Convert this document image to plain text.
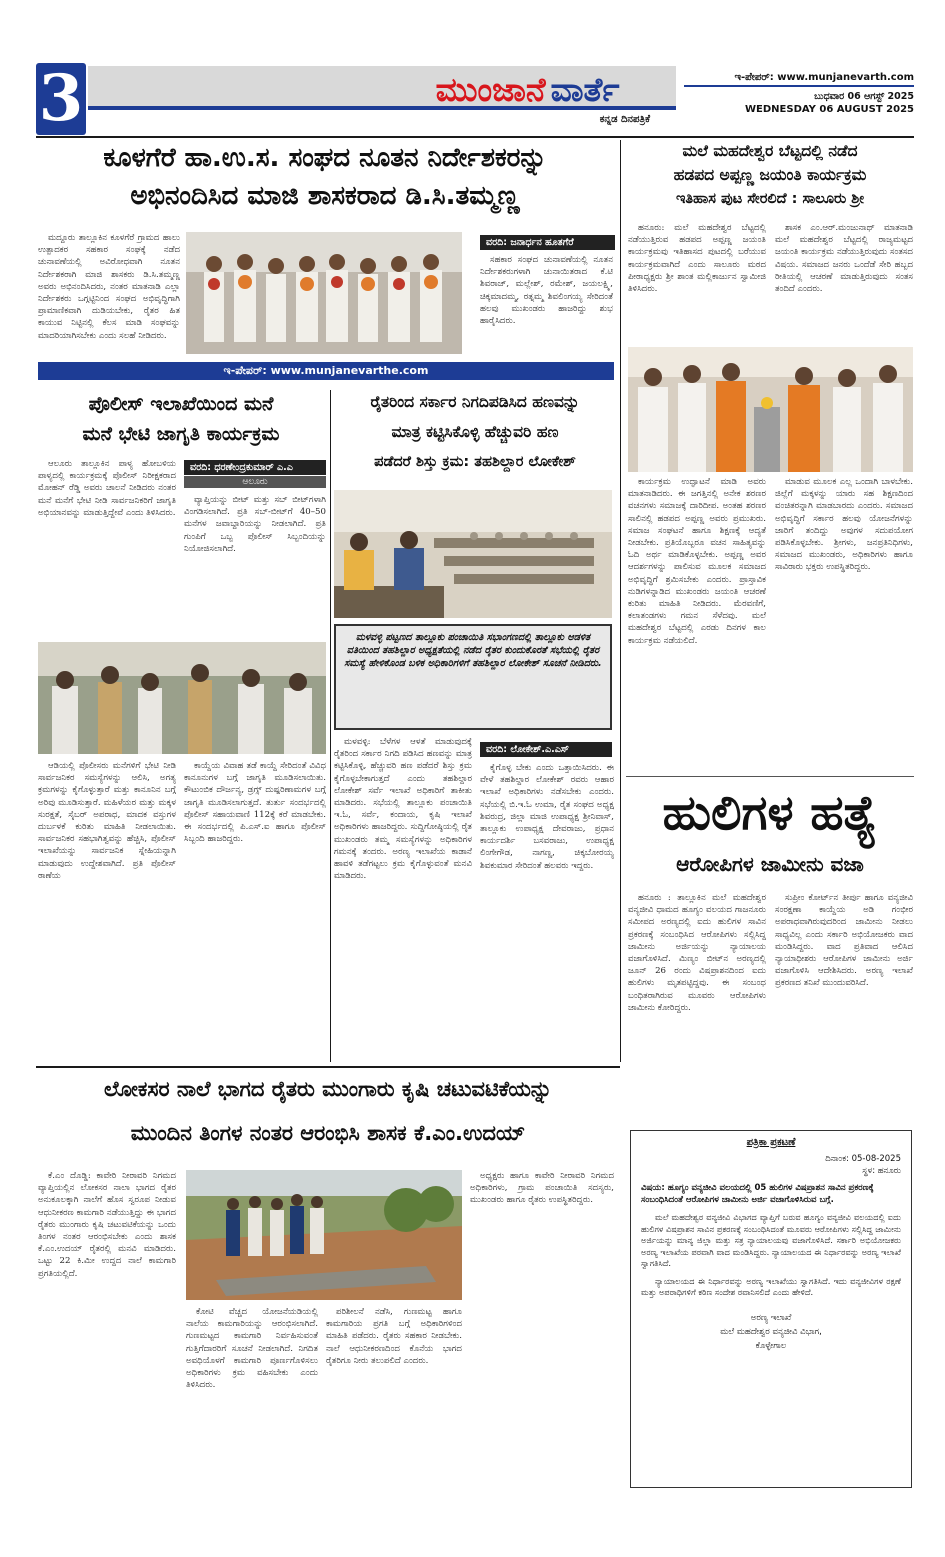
3	ಮುಂಜಾನೆ ವಾರ್ತೆ
ಕನ್ನಡ ದಿನಪತ್ರಿಕೆ
ಇ-ಪೇಪರ್: www.munjanevarth.com
ಬುಧವಾರ 06 ಆಗಸ್ಟ್ 2025
WEDNESDAY 06 AUGUST 2025
ಕೂಳಗೆರೆ ಹಾ.ಉ.ಸ. ಸಂಘದ ನೂತನ ನಿರ್ದೇಶಕರನ್ನು
ಅಭಿನಂದಿಸಿದ ಮಾಜಿ ಶಾಸಕರಾದ ಡಿ.ಸಿ.ತಮ್ಮಣ್ಣ

ಮದ್ದೂರು ತಾಲ್ಲೂಕಿನ ಕೂಳಗೆರೆ ಗ್ರಾಮದ ಹಾಲು ಉತ್ಪಾದಕರ ಸಹಕಾರ ಸಂಘಕ್ಕೆ ನಡೆದ ಚುನಾವಣೆಯಲ್ಲಿ ಅವಿರೋಧವಾಗಿ ನೂತನ ನಿರ್ದೇಶಕರಾಗಿ ಮಾಜಿ ಶಾಸಕರು ಡಿ.ಸಿ.ತಮ್ಮಣ್ಣ ಅವರು ಅಭಿನಂದಿಸಿದರು, ನಂತರ ಮಾತನಾಡಿ ಎಲ್ಲಾ ನಿರ್ದೇಶಕರು ಒಗ್ಗಟ್ಟಿನಿಂದ ಸಂಘದ ಅಭಿವೃದ್ಧಿಗಾಗಿ ಪ್ರಾಮಾಣಿಕವಾಗಿ ದುಡಿಯಬೇಕು, ರೈತರ ಹಿತ ಕಾಯುವ ನಿಟ್ಟಿನಲ್ಲಿ ಕೆಲಸ ಮಾಡಿ ಸಂಘವನ್ನು ಮಾದರಿಯಾಗಿಸಬೇಕು ಎಂದು ಸಲಹೆ ನೀಡಿದರು.

ವರದಿ: ಜನಾರ್ಧನ ಹೂತಗೆರೆ

ಸಹಕಾರ ಸಂಘದ ಚುನಾವಣೆಯಲ್ಲಿ ನೂತನ ನಿರ್ದೇಶಕರುಗಳಾಗಿ ಚುನಾಯಿತರಾದ ಕೆ.ಟಿ ಶಿವರಾಜ್, ಮಲ್ಲೇಶ್, ರಮೇಶ್, ಜಯಲಕ್ಷ್ಮಿ, ಚಿಕ್ಕಮಾದಮ್ಮ, ರತ್ನಮ್ಮ ಶಿವಲಿಂಗಯ್ಯ ಸೇರಿದಂತೆ ಹಲವು ಮುಖಂಡರು ಹಾಜರಿದ್ದು ಶುಭ ಹಾರೈಸಿದರು.

ಇ-ಪೇಪರ್: www.munjanevarthe.com
ಮಲೆ ಮಹದೇಶ್ವರ ಬೆಟ್ಟದಲ್ಲಿ ನಡೆದ
ಹಡಪದ ಅಪ್ಪಣ್ಣ ಜಯಂತಿ ಕಾರ್ಯಕ್ರಮ
ಇತಿಹಾಸ ಪುಟ ಸೇರಲಿದೆ : ಸಾಲೂರು ಶ್ರೀ

ಹನೂರು: ಮಲೆ ಮಹದೇಶ್ವರ ಬೆಟ್ಟದಲ್ಲಿ ನಡೆಯುತ್ತಿರುವ ಹಡಪದ ಅಪ್ಪಣ್ಣ ಜಯಂತಿ ಕಾರ್ಯಕ್ರಮವು ಇತಿಹಾಸದ ಪುಟದಲ್ಲಿ ಬರೆಯುವ ಕಾರ್ಯಕ್ರಮವಾಗಿದೆ ಎಂದು ಸಾಲೂರು ಮಠದ ಪೀಠಾಧ್ಯಕ್ಷರು ಶ್ರೀ ಶಾಂತ ಮಲ್ಲಿಕಾರ್ಜುನ ಸ್ವಾಮೀಜಿ ತಿಳಿಸಿದರು.

ಶಾಸಕ ಎಂ.ಆರ್.ಮಂಜುನಾಥ್ ಮಾತನಾಡಿ ಮಲೆ ಮಹದೇಶ್ವರ ಬೆಟ್ಟದಲ್ಲಿ ರಾಜ್ಯಮಟ್ಟದ ಜಯಂತಿ ಕಾರ್ಯಕ್ರಮ ನಡೆಯುತ್ತಿರುವುದು ಸಂತಸದ ವಿಷಯ. ಸಮಾಜದ ಜನರು ಒಂದೆಡೆ ಸೇರಿ ಹಬ್ಬದ ರೀತಿಯಲ್ಲಿ ಆಚರಣೆ ಮಾಡುತ್ತಿರುವುದು ಸಂತಸ ತಂದಿದೆ ಎಂದರು.

ಕಾರ್ಯಕ್ರಮ ಉದ್ಘಾಟನೆ ಮಾಡಿ ಅವರು ಮಾತನಾಡಿದರು. ಈ ಜಗತ್ತಿನಲ್ಲಿ ಅನೇಕ ಶರಣರ ವಚನಗಳು ಸಮಾಜಕ್ಕೆ ದಾರಿದೀಪ. ಅಂತಹ ಶರಣರ ಸಾಲಿನಲ್ಲಿ ಹಡಪದ ಅಪ್ಪಣ್ಣ ಅವರು ಪ್ರಮುಖರು. ಸಮಾಜ ಸಂಘಟನೆ ಹಾಗೂ ಶಿಕ್ಷಣಕ್ಕೆ ಆದ್ಯತೆ ನೀಡಬೇಕು. ಪ್ರತಿಯೊಬ್ಬರೂ ವಚನ ಸಾಹಿತ್ಯವನ್ನು ಓದಿ ಅರ್ಥ ಮಾಡಿಕೊಳ್ಳಬೇಕು. ಅಪ್ಪಣ್ಣ ಅವರ ಆದರ್ಶಗಳನ್ನು ಪಾಲಿಸುವ ಮೂಲಕ ಸಮಾಜದ ಅಭಿವೃದ್ಧಿಗೆ ಶ್ರಮಿಸಬೇಕು ಎಂದರು. ಪ್ರಾಸ್ತಾವಿಕ ನುಡಿಗಳನ್ನಾಡಿದ ಮುಖಂಡರು ಜಯಂತಿ ಆಚರಣೆ ಕುರಿತು ಮಾಹಿತಿ ನೀಡಿದರು. ಮೆರವಣಿಗೆ, ಕಲಾತಂಡಗಳು ಗಮನ ಸೆಳೆದವು. ಮಲೆ ಮಹದೇಶ್ವರ ಬೆಟ್ಟದಲ್ಲಿ ಎರಡು ದಿನಗಳ ಕಾಲ ಕಾರ್ಯಕ್ರಮ ನಡೆಯಲಿದೆ.

ಮಾಡುವ ಮೂಲಕ ಎಲ್ಲ ಒಂದಾಗಿ ಬಾಳಬೇಕು. ಜಿಲ್ಲೆಗೆ ಮಕ್ಕಳನ್ನು ಯಾರು ಸಹ ಶಿಕ್ಷಣದಿಂದ ವಂಚಿತರನ್ನಾಗಿ ಮಾಡಬಾರದು ಎಂದರು. ಸಮಾಜದ ಅಭಿವೃದ್ಧಿಗೆ ಸರ್ಕಾರ ಹಲವು ಯೋಜನೆಗಳನ್ನು ಜಾರಿಗೆ ತಂದಿದ್ದು ಅವುಗಳ ಸದುಪಯೋಗ ಪಡಿಸಿಕೊಳ್ಳಬೇಕು. ಶ್ರೀಗಳು, ಜನಪ್ರತಿನಿಧಿಗಳು, ಸಮಾಜದ ಮುಖಂಡರು, ಅಧಿಕಾರಿಗಳು ಹಾಗೂ ಸಾವಿರಾರು ಭಕ್ತರು ಉಪಸ್ಥಿತರಿದ್ದರು.

ಹುಲಿಗಳ ಹತ್ಯೆ
ಆರೋಪಿಗಳ ಜಾಮೀನು ವಜಾ

ಹನೂರು : ತಾಲ್ಲೂಕಿನ ಮಲೆ ಮಹದೇಶ್ವರ ವನ್ಯಜೀವಿ ಧಾಮದ ಹೂಗ್ಯಂ ವಲಯದ ಗಾಜನೂರು ಸಮೀಪದ ಅರಣ್ಯದಲ್ಲಿ ಐದು ಹುಲಿಗಳ ಸಾವಿನ ಪ್ರಕರಣಕ್ಕೆ ಸಂಬಂಧಿಸಿದ ಆರೋಪಿಗಳು ಸಲ್ಲಿಸಿದ್ದ ಜಾಮೀನು ಅರ್ಜಿಯನ್ನು ನ್ಯಾಯಾಲಯ ವಜಾಗೊಳಿಸಿದೆ. ಮಿಣ್ಯಂ ಬೀಟ್‌ನ ಅರಣ್ಯದಲ್ಲಿ ಜೂನ್ 26 ರಂದು ವಿಷಪ್ರಾಶನದಿಂದ ಐದು ಹುಲಿಗಳು ಮೃತಪಟ್ಟಿದ್ದವು. ಈ ಸಂಬಂಧ ಬಂಧಿತರಾಗಿರುವ ಮೂವರು ಆರೋಪಿಗಳು ಜಾಮೀನು ಕೋರಿದ್ದರು.

ಸುಪ್ರೀಂ ಕೋರ್ಟ್‌ನ ತೀರ್ಪು ಹಾಗೂ ವನ್ಯಜೀವಿ ಸಂರಕ್ಷಣಾ ಕಾಯ್ದೆಯ ಅಡಿ ಗಂಭೀರ ಅಪರಾಧವಾಗಿರುವುದರಿಂದ ಜಾಮೀನು ನೀಡಲು ಸಾಧ್ಯವಿಲ್ಲ ಎಂದು ಸರ್ಕಾರಿ ಅಭಿಯೋಜಕರು ವಾದ ಮಂಡಿಸಿದ್ದರು. ವಾದ ಪ್ರತಿವಾದ ಆಲಿಸಿದ ನ್ಯಾಯಾಧೀಶರು ಆರೋಪಿಗಳ ಜಾಮೀನು ಅರ್ಜಿ ವಜಾಗೊಳಿಸಿ ಆದೇಶಿಸಿದರು. ಅರಣ್ಯ ಇಲಾಖೆ ಪ್ರಕರಣದ ತನಿಖೆ ಮುಂದುವರಿಸಿದೆ.

ಪೊಲೀಸ್ ಇಲಾಖೆಯಿಂದ ಮನೆ
ಮನೆ ಭೇಟಿ ಜಾಗೃತಿ ಕಾರ್ಯಕ್ರಮ

ಆಲೂರು ತಾಲ್ಲೂಕಿನ ಪಾಳ್ಯ ಹೋಬಳಿಯ ಪಾಳ್ಯದಲ್ಲಿ ಕಾರ್ಯಕ್ರಮಕ್ಕೆ ಪೊಲೀಸ್ ನಿರೀಕ್ಷಕರಾದ ಮೋಹನ್ ರೆಡ್ಡಿ ಅವರು ಚಾಲನೆ ನೀಡಿದರು ನಂತರ ಮನೆ ಮನೆಗೆ ಭೇಟಿ ನೀಡಿ ಸಾರ್ವಜನಿಕರಿಗೆ ಜಾಗೃತಿ ಅಭಿಯಾನವನ್ನು ಮಾಡುತ್ತಿದ್ದೇವೆ ಎಂದು ತಿಳಿಸಿದರು.

ವರದಿ: ಧರಣೇಂದ್ರಕುಮಾರ್ ಎ.ಎ
ಆಲೂರು

ವ್ಯಾಪ್ತಿಯನ್ನು ಬೀಟ್ ಮತ್ತು ಸಬ್ ಬೀಟ್‌ಗಳಾಗಿ ವಿಂಗಡಿಸಲಾಗಿದೆ. ಪ್ರತಿ ಸಬ್-ಬೀಟ್‌ಗೆ 40–50 ಮನೆಗಳ ಜವಾಬ್ದಾರಿಯನ್ನು ನೀಡಲಾಗಿದೆ. ಪ್ರತಿ ಗುಂಪಿಗೆ ಒಬ್ಬ ಪೊಲೀಸ್ ಸಿಬ್ಬಂದಿಯನ್ನು ನಿಯೋಜಿಸಲಾಗಿದೆ.

ಆಡಿಯಲ್ಲಿ ಪೊಲೀಸರು ಮನೆಗಳಿಗೆ ಭೇಟಿ ನೀಡಿ ಸಾರ್ವಜನಿಕರ ಸಮಸ್ಯೆಗಳನ್ನು ಆಲಿಸಿ, ಅಗತ್ಯ ಕ್ರಮಗಳನ್ನು ಕೈಗೊಳ್ಳುತ್ತಾರೆ ಮತ್ತು ಕಾನೂನಿನ ಬಗ್ಗೆ ಅರಿವು ಮೂಡಿಸುತ್ತಾರೆ. ಮಹಿಳೆಯರ ಮತ್ತು ಮಕ್ಕಳ ಸುರಕ್ಷತೆ, ಸೈಬರ್ ಅಪರಾಧ, ಮಾದಕ ವಸ್ತುಗಳ ದುರ್ಬಳಕೆ ಕುರಿತು ಮಾಹಿತಿ ನೀಡಲಾಯಿತು. ಸಾರ್ವಜನಿಕರ ಸಹಭಾಗಿತ್ವವನ್ನು ಹೆಚ್ಚಿಸಿ, ಪೊಲೀಸ್ ಇಲಾಖೆಯನ್ನು ಸಾರ್ವಜನಿಕ ಸ್ನೇಹಿಯನ್ನಾಗಿ ಮಾಡುವುದು ಉದ್ದೇಶವಾಗಿದೆ. ಪ್ರತಿ ಪೊಲೀಸ್ ಠಾಣೆಯ

ಕಾಯ್ದೆಯ ವಿವಾಹ ತಡೆ ಕಾಯ್ದೆ ಸೇರಿದಂತೆ ವಿವಿಧ ಕಾನೂನುಗಳ ಬಗ್ಗೆ ಜಾಗೃತಿ ಮೂಡಿಸಲಾಯಿತು. ಕೌಟುಂಬಿಕ ದೌರ್ಜನ್ಯ, ಡ್ರಗ್ಸ್ ದುಷ್ಪರಿಣಾಮಗಳ ಬಗ್ಗೆ ಜಾಗೃತಿ ಮೂಡಿಸಲಾಗುತ್ತದೆ. ತುರ್ತು ಸಂದರ್ಭದಲ್ಲಿ ಪೊಲೀಸ್ ಸಹಾಯವಾಣಿ 112ಕ್ಕೆ ಕರೆ ಮಾಡಬೇಕು. ಈ ಸಂದರ್ಭದಲ್ಲಿ ಪಿ.ಎಸ್.ಐ ಹಾಗೂ ಪೊಲೀಸ್ ಸಿಬ್ಬಂದಿ ಹಾಜರಿದ್ದರು.

ರೈತರಿಂದ ಸರ್ಕಾರ ನಿಗದಿಪಡಿಸಿದ ಹಣವನ್ನು
ಮಾತ್ರ ಕಟ್ಟಿಸಿಕೊಳ್ಳಿ ಹೆಚ್ಚುವರಿ ಹಣ
ಪಡೆದರೆ ಶಿಸ್ತು ಕ್ರಮ: ತಹಶಿಲ್ದಾರ ಲೋಕೇಶ್
ಮಳವಳ್ಳಿ ಪಟ್ಟಣದ ತಾಲ್ಲೂಕು ಪಂಚಾಯಿತಿ ಸಭಾಂಗಣದಲ್ಲಿ ತಾಲ್ಲೂಕು ಆಡಳಿತ ವತಿಯಿಂದ ತಹಶಿಲ್ದಾರ ಅಧ್ಯಕ್ಷತೆಯಲ್ಲಿ ನಡೆದ ರೈತರ ಕುಂದುಕೊರತೆ ಸಭೆಯಲ್ಲಿ ರೈತರ ಸಮಸ್ಯೆ ಹೇಳಿಕೊಂಡ ಬಳಿಕ ಅಧಿಕಾರಿಗಳಿಗೆ ತಹಶಿಲ್ದಾರ ಲೋಕೇಶ್ ಸೂಚನೆ ನೀಡಿದರು.

ಮಳವಳ್ಳಿ: ಬೆಳೆಗಳ ಆಳತೆ ಮಾಡುವುದಕ್ಕೆ ರೈತರಿಂದ ಸರ್ಕಾರ ನಿಗದಿ ಪಡಿಸಿದ ಹಣವನ್ನು ಮಾತ್ರ ಕಟ್ಟಿಸಿಕೊಳ್ಳಿ, ಹೆಚ್ಚುವರಿ ಹಣ ಪಡೆದರೆ ಶಿಸ್ತು ಕ್ರಮ ಕೈಗೊಳ್ಳಬೇಕಾಗುತ್ತದೆ ಎಂದು ತಹಶಿಲ್ದಾರ ಲೋಕೇಶ್ ಸರ್ವೆ ಇಲಾಖೆ ಅಧಿಕಾರಿಗೆ ತಾಕೀತು ಮಾಡಿದರು. ಸಭೆಯಲ್ಲಿ ತಾಲ್ಲೂಕು ಪಂಚಾಯಿತಿ ಇ.ಓ, ಸರ್ವೆ, ಕಂದಾಯ, ಕೃಷಿ ಇಲಾಖೆ ಅಧಿಕಾರಿಗಳು ಹಾಜರಿದ್ದರು. ಸುದ್ದಿಗೋಷ್ಠಿಯಲ್ಲಿ ರೈತ ಮುಖಂಡರು ತಮ್ಮ ಸಮಸ್ಯೆಗಳನ್ನು ಅಧಿಕಾರಿಗಳ ಗಮನಕ್ಕೆ ತಂದರು. ಅರಣ್ಯ ಇಲಾಖೆಯ ಕಾಡಾನೆ ಹಾವಳಿ ತಡೆಗಟ್ಟಲು ಕ್ರಮ ಕೈಗೊಳ್ಳುವಂತೆ ಮನವಿ ಮಾಡಿದರು.

ವರದಿ: ಲೋಕೇಶ್.ಎ.ಎಸ್

ಕೈಗೊಳ್ಳ ಬೇಕು ಎಂದು ಒತ್ತಾಯಿಸಿದರು. ಈ ವೇಳೆ ತಹಶಿಲ್ದಾರ ಲೋಕೇಶ್ ರವರು ಆಹಾರ ಇಲಾಖೆ ಅಧಿಕಾರಿಗಳು ನಡೆಸಬೇಕು ಎಂದರು. ಸಭೆಯಲ್ಲಿ ಬಿ.ಇ.ಓ ಉಮಾ, ರೈತ ಸಂಘದ ಅಧ್ಯಕ್ಷ ಶಿವರುದ್ರ, ಜಿಲ್ಲಾ ಮಾಜಿ ಉಪಾಧ್ಯಕ್ಷ ಶ್ರೀನಿವಾಸ್, ತಾಲ್ಲೂಕು ಉಪಾಧ್ಯಕ್ಷ ದೇವರಾಜು, ಪ್ರಧಾನ ಕಾರ್ಯದರ್ಶಿ ಬಸವರಾಜು, ಉಪಾಧ್ಯಕ್ಷ ಲಿಂಗೇಗೌಡ, ನಾಗಣ್ಣ, ಚಿಕ್ಕಬೋರಯ್ಯ ಶಿವಕುಮಾರ ಸೇರಿದಂತೆ ಹಲವರು ಇದ್ದರು.

ಲೋಕಸರ ನಾಲೆ ಭಾಗದ ರೈತರು ಮುಂಗಾರು ಕೃಷಿ ಚಟುವಟಿಕೆಯನ್ನು
ಮುಂದಿನ ತಿಂಗಳ ನಂತರ ಆರಂಭಿಸಿ ಶಾಸಕ ಕೆ.ಎಂ.ಉದಯ್

ಕೆ.ಎಂ ದೊಡ್ಡಿ: ಕಾವೇರಿ ನೀರಾವರಿ ನಿಗಮದ ವ್ಯಾಪ್ತಿಯಲ್ಲಿನ ಲೋಕಸರ ನಾಲಾ ಭಾಗದ ರೈತರ ಅನುಕೂಲಕ್ಕಾಗಿ ನಾಲೆಗೆ ಹೊಸ ಸ್ವರೂಪ ನೀಡುವ ಆಧುನೀಕರಣ ಕಾಮಗಾರಿ ನಡೆಯುತ್ತಿದ್ದು ಈ ಭಾಗದ ರೈತರು ಮುಂಗಾರು ಕೃಷಿ ಚಟುವಟಿಕೆಯನ್ನು ಒಂದು ತಿಂಗಳ ನಂತರ ಆರಂಭಿಸಬೇಕು ಎಂದು ಶಾಸಕ ಕೆ.ಎಂ.ಉದಯ್ ರೈತರಲ್ಲಿ ಮನವಿ ಮಾಡಿದರು. ಒಟ್ಟು 22 ಕಿ.ಮೀ ಉದ್ದದ ನಾಲೆ ಕಾಮಗಾರಿ ಪ್ರಗತಿಯಲ್ಲಿದೆ.

ಕೋಟಿ ವೆಚ್ಚದ ಯೋಜನೆಯಡಿಯಲ್ಲಿ ನಾಲೆಯ ಕಾಮಗಾರಿಯನ್ನು ಆರಂಭಿಸಲಾಗಿದೆ. ಗುಣಮಟ್ಟದ ಕಾಮಗಾರಿ ನಿರ್ವಹಿಸುವಂತೆ ಗುತ್ತಿಗೆದಾರರಿಗೆ ಸೂಚನೆ ನೀಡಲಾಗಿದೆ. ನಿಗದಿತ ಅವಧಿಯೊಳಗೆ ಕಾಮಗಾರಿ ಪೂರ್ಣಗೊಳಿಸಲು ಅಧಿಕಾರಿಗಳು ಕ್ರಮ ವಹಿಸಬೇಕು ಎಂದು ತಿಳಿಸಿದರು.

ಪರಿಶೀಲನೆ ನಡೆಸಿ, ಗುಣಮಟ್ಟ ಹಾಗೂ ಕಾಮಗಾರಿಯ ಪ್ರಗತಿ ಬಗ್ಗೆ ಅಧಿಕಾರಿಗಳಿಂದ ಮಾಹಿತಿ ಪಡೆದರು. ರೈತರು ಸಹಕಾರ ನೀಡಬೇಕು. ನಾಲೆ ಆಧುನೀಕರಣದಿಂದ ಕೊನೆಯ ಭಾಗದ ರೈತರಿಗೂ ನೀರು ತಲುಪಲಿದೆ ಎಂದರು.

ಅಧ್ಯಕ್ಷರು ಹಾಗೂ ಕಾವೇರಿ ನೀರಾವರಿ ನಿಗಮದ ಅಧಿಕಾರಿಗಳು, ಗ್ರಾಮ ಪಂಚಾಯಿತಿ ಸದಸ್ಯರು, ಮುಖಂಡರು ಹಾಗೂ ರೈತರು ಉಪಸ್ಥಿತರಿದ್ದರು.

ಪತ್ರಿಕಾ ಪ್ರಕಟಣೆ
ದಿನಾಂಕ: 05-08-2025
ಸ್ಥಳ: ಹನೂರು
ವಿಷಯ: ಹೂಗ್ಯಂ ವನ್ಯಜೀವಿ ವಲಯದಲ್ಲಿ 05 ಹುಲಿಗಳ ವಿಷಪ್ರಾಶನ ಸಾವಿನ ಪ್ರಕರಣಕ್ಕೆ ಸಂಬಂಧಿಸಿದಂತೆ ಆರೋಪಿಗಳ ಜಾಮೀನು ಅರ್ಜಿ ವಜಾಗೊಳಿಸಿರುವ ಬಗ್ಗೆ.
ಮಲೆ ಮಹದೇಶ್ವರ ವನ್ಯಜೀವಿ ವಿಭಾಗದ ವ್ಯಾಪ್ತಿಗೆ ಬರುವ ಹೂಗ್ಯಂ ವನ್ಯಜೀವಿ ವಲಯದಲ್ಲಿ ಐದು ಹುಲಿಗಳ ವಿಷಪ್ರಾಶನ ಸಾವಿನ ಪ್ರಕರಣಕ್ಕೆ ಸಂಬಂಧಿಸಿದಂತೆ ಮೂವರು ಆರೋಪಿಗಳು ಸಲ್ಲಿಸಿದ್ದ ಜಾಮೀನು ಅರ್ಜಿಯನ್ನು ಮಾನ್ಯ ಜಿಲ್ಲಾ ಮತ್ತು ಸತ್ರ ನ್ಯಾಯಾಲಯವು ವಜಾಗೊಳಿಸಿದೆ. ಸರ್ಕಾರಿ ಅಭಿಯೋಜಕರು ಅರಣ್ಯ ಇಲಾಖೆಯ ಪರವಾಗಿ ವಾದ ಮಂಡಿಸಿದ್ದರು. ನ್ಯಾಯಾಲಯದ ಈ ನಿರ್ಧಾರವನ್ನು ಅರಣ್ಯ ಇಲಾಖೆ ಸ್ವಾಗತಿಸಿದೆ.
ನ್ಯಾಯಾಲಯದ ಈ ನಿರ್ಧಾರವನ್ನು ಅರಣ್ಯ ಇಲಾಖೆಯು ಸ್ವಾಗತಿಸಿದೆ. ಇದು ವನ್ಯಜೀವಿಗಳ ರಕ್ಷಣೆ ಮತ್ತು ಅಪರಾಧಿಗಳಿಗೆ ಕಠಿಣ ಸಂದೇಶ ರವಾನಿಸಲಿದೆ ಎಂದು ಹೇಳಿದೆ.
ಅರಣ್ಯ ಇಲಾಖೆ
ಮಲೆ ಮಹದೇಶ್ವರ ವನ್ಯಜೀವಿ ವಿಭಾಗ,
ಕೊಳ್ಳೇಗಾಲ
